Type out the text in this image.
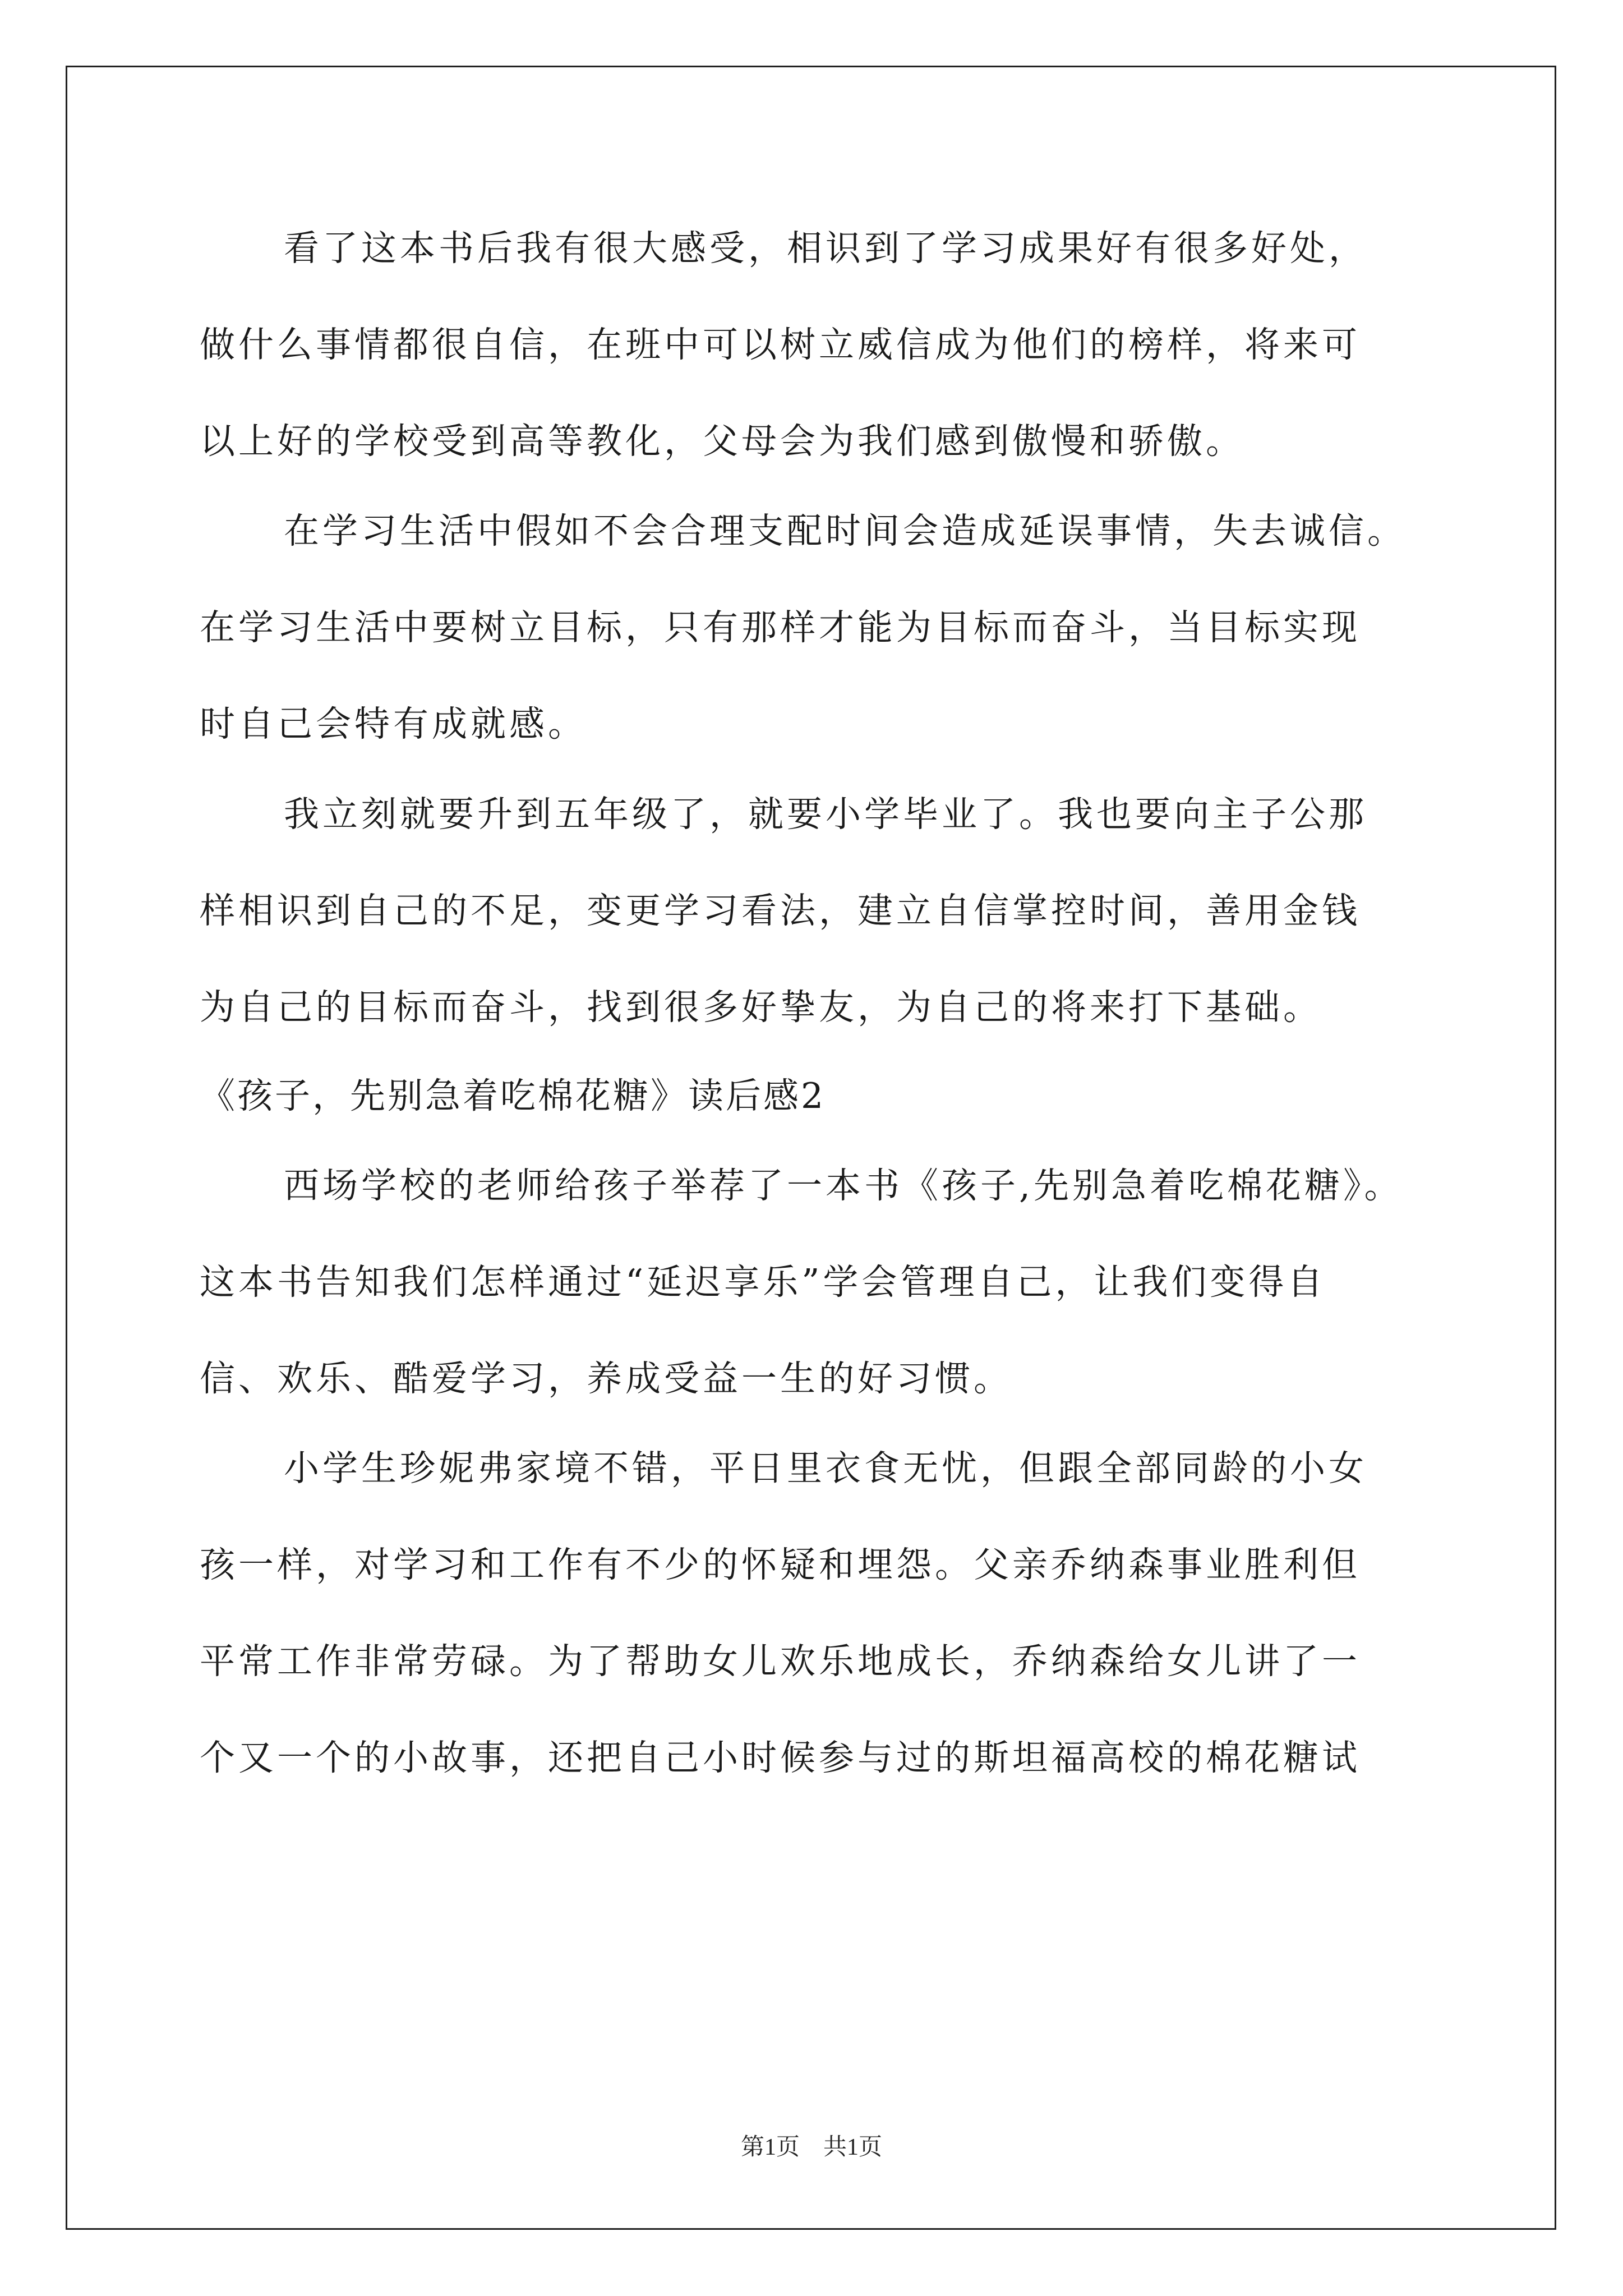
看了这本书后我有很大感受，相识到了学习成果好有很多好处，
做什么事情都很自信，在班中可以树立威信成为他们的榜样，将来可
以上好的学校受到高等教化，父母会为我们感到傲慢和骄傲。
在学习生活中假如不会合理支配时间会造成延误事情，失去诚信。
在学习生活中要树立目标，只有那样才能为目标而奋斗，当目标实现
时自己会特有成就感。
我立刻就要升到五年级了，就要小学毕业了。我也要向主子公那
样相识到自己的不足，变更学习看法，建立自信掌控时间，善用金钱
为自己的目标而奋斗，找到很多好挚友，为自己的将来打下基础。
《孩子，先别急着吃棉花糖》读后感2
西场学校的老师给孩子举荐了一本书《孩子,先别急着吃棉花糖》。
这本书告知我们怎样通过“延迟享乐”学会管理自己，让我们变得自
信、欢乐、酷爱学习，养成受益一生的好习惯。
小学生珍妮弗家境不错，平日里衣食无忧，但跟全部同龄的小女
孩一样，对学习和工作有不少的怀疑和埋怨。父亲乔纳森事业胜利但
平常工作非常劳碌。为了帮助女儿欢乐地成长，乔纳森给女儿讲了一
个又一个的小故事，还把自己小时候参与过的斯坦福高校的棉花糖试
第1页　共1页
